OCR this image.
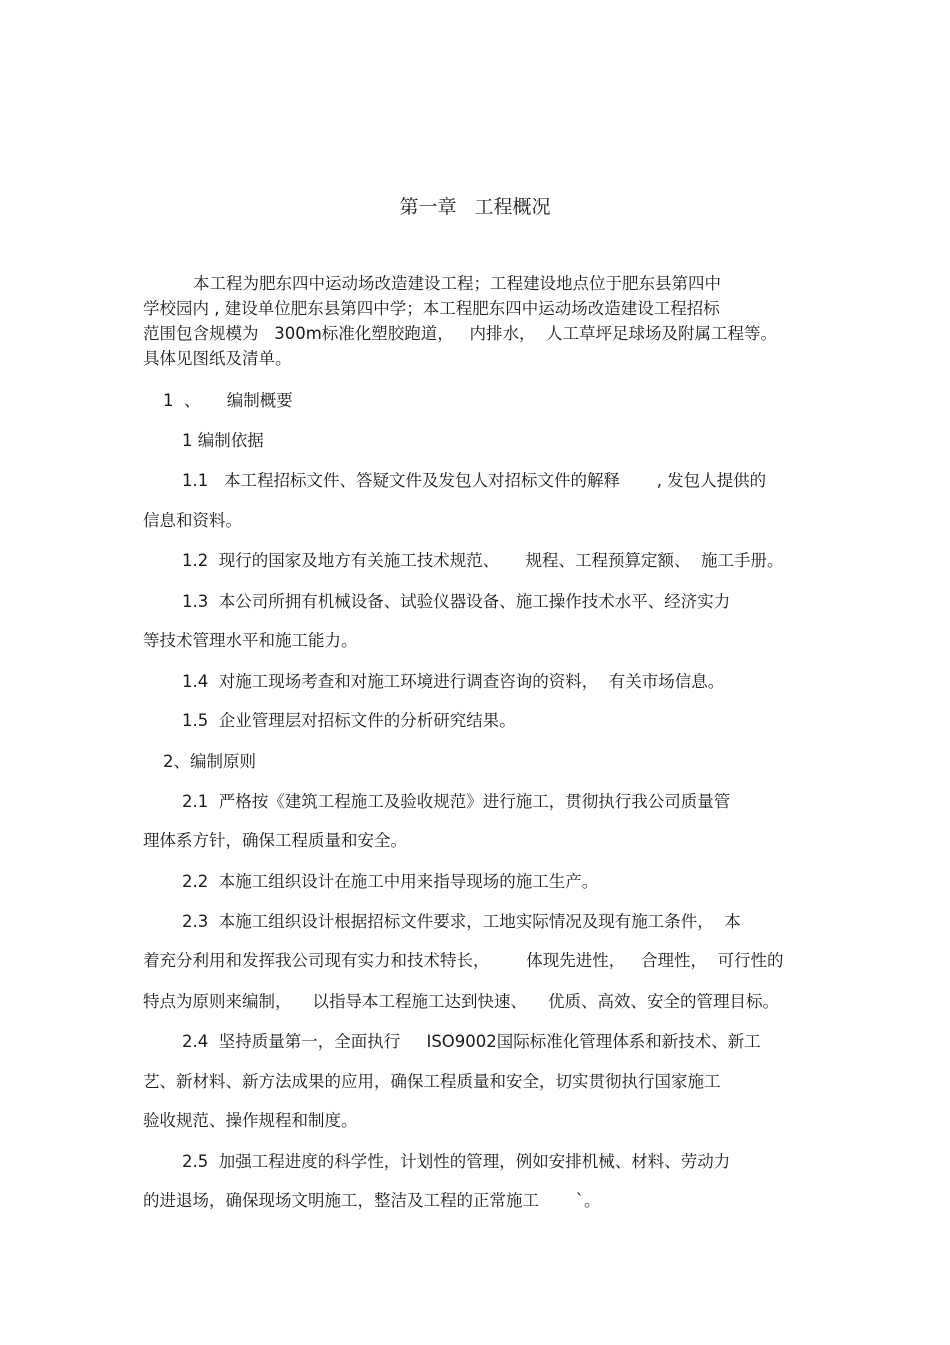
第一章   工程概况
本工程为肥东四中运动场改造建设工程；工程建设地点位于肥东县第四中
学校园内 , 建设单位肥东县第四中学；本工程肥东四中运动场改造建设工程招标
范围包含规模为   300m标准化塑胶跑道，   内排水，  人工草坪足球场及附属工程等。
具体见图纸及清单。
1  、     编制概要
1 编制依据
1.1   本工程招标文件、答疑文件及发包人对招标文件的解释       , 发包人提供的
信息和资料。
1.2  现行的国家及地方有关施工技术规范、     规程、工程预算定额、  施工手册。
1.3  本公司所拥有机械设备、试验仪器设备、施工操作技术水平、经济实力
等技术管理水平和施工能力。
1.4  对施工现场考查和对施工环境进行调查咨询的资料，  有关市场信息。
1.5  企业管理层对招标文件的分析研究结果。
2、编制原则
2.1  严格按《建筑工程施工及验收规范》进行施工，贯彻执行我公司质量管
理体系方针，确保工程质量和安全。
2.2  本施工组织设计在施工中用来指导现场的施工生产。
2.3  本施工组织设计根据招标文件要求，工地实际情况及现有施工条件，  本
着充分利用和发挥我公司现有实力和技术特长，       体现先进性，   合理性，  可行性的
特点为原则来编制，    以指导本工程施工达到快速、    优质、高效、安全的管理目标。
2.4  坚持质量第一，全面执行     ISO9002国际标准化管理体系和新技术、新工
艺、新材料、新方法成果的应用，确保工程质量和安全，切实贯彻执行国家施工
验收规范、操作规程和制度。
2.5  加强工程进度的科学性，计划性的管理，例如安排机械、材料、劳动力
的进退场，确保现场文明施工，整洁及工程的正常施工       `。
